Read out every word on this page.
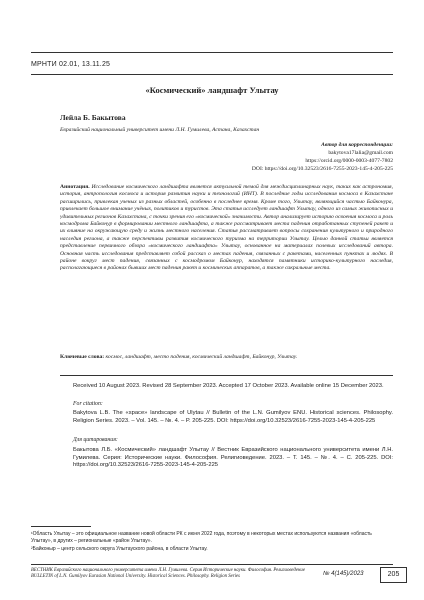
МРНТИ 02.01, 13.11.25
«Космический» ландшафт Улытау
Лейла Б. Бакытова
Евразийский национальный университет имени Л.Н. Гумилева, Астана, Казахстан
Автор для корреспонденции:
bakytova17lalia@gmail.com
https://orcid.org/0000-0003-4077-7802
DOI: https://doi.org/10.32523/2616-7255-2023-145-4-205-225
Аннотация. Исследование космического ландшафта является актуальной темой для междисциплинарных наук, таких как астрономия, история, антропология космоса и история развития науки и технологий (ИНТ). В последние годы исследования космоса в Казахстане расширились, привлекая ученых из разных областей, особенно в последнее время. Кроме того, Улытау, являющийся частью Байконура, привлекает большое внимание учёных, политиков и туристов. Эта статья исследует ландшафт Улытау, одного из самых живописных и удивительных регионов Казахстана, с точки зрения его «космической» значимости. Автор анализирует историю освоения космоса и роль космодрома Байконур в формировании местного ландшафта, а также рассматривает места падения отработанных ступеней ракет и их влияние на окружающую среду и жизнь местного населения. Статья рассматривает вопросы сохранения культурного и природного наследия региона, а также перспективы развития космического туризма на территории Улытау. Целью данной статьи является представление первичного обзора «космического ландшафта» Улытау, основанное на материалах полевых исследований автора. Основная часть исследования представляет собой рассказ о местах падения, связанных с ракетами, населенных пунктах и людях. В районе вокруг мест падения, связанных с космодромом Байконур, находятся памятники историко-культурного наследия, располагающиеся в районах бывших мест падения ракет и космических аппаратов, а также сакральные места.
Ключевые слова: космос, ландшафт, место падения, космический ландшафт, Байконур, Улытау.
Received 10 August 2023. Revised 28 September 2023. Accepted 17 October 2023. Available online 15 December 2023.
For citation:
Bakytova L.B. The «space» landscape of Ulytau // Bulletin of the L.N. Gumilyov ENU. Historical sciences. Philosophy. Religion Series. 2023. – Vol. 145. – №. 4. – P. 205-225. DOI: https://doi.org/10.32523/2616-7255-2023-145-4-205-225
Для цитирования:
Бакытова Л.Б. «Космический» ландшафт Улытау // Вестник Евразийского национального университета имени Л.Н. Гумилева. Серия: Исторические науки. Философия. Религиоведение. 2023. – Т. 145. – №. 4. – С. 205-225. DOI: https://doi.org/10.32523/2616-7255-2023-145-4-205-225
¹Область Улытау – это официальное название новой области РК с июня 2022 года, поэтому в некоторых местах используются названия «область Улытау», в других – региональные «район Улытау».
²Байконыр – центр сельского округа Улытауского района, в области Улытау.
ВЕСТНИК Евразийского национального университета имени Л.Н. Гумилева. Серия Исторические науки. Философия. Религиоведение BULLETIN of L.N. Gumilyov Eurasian National University. Historical Sciences. Philosophy. Religion Series	№ 4(145)/2023	205
